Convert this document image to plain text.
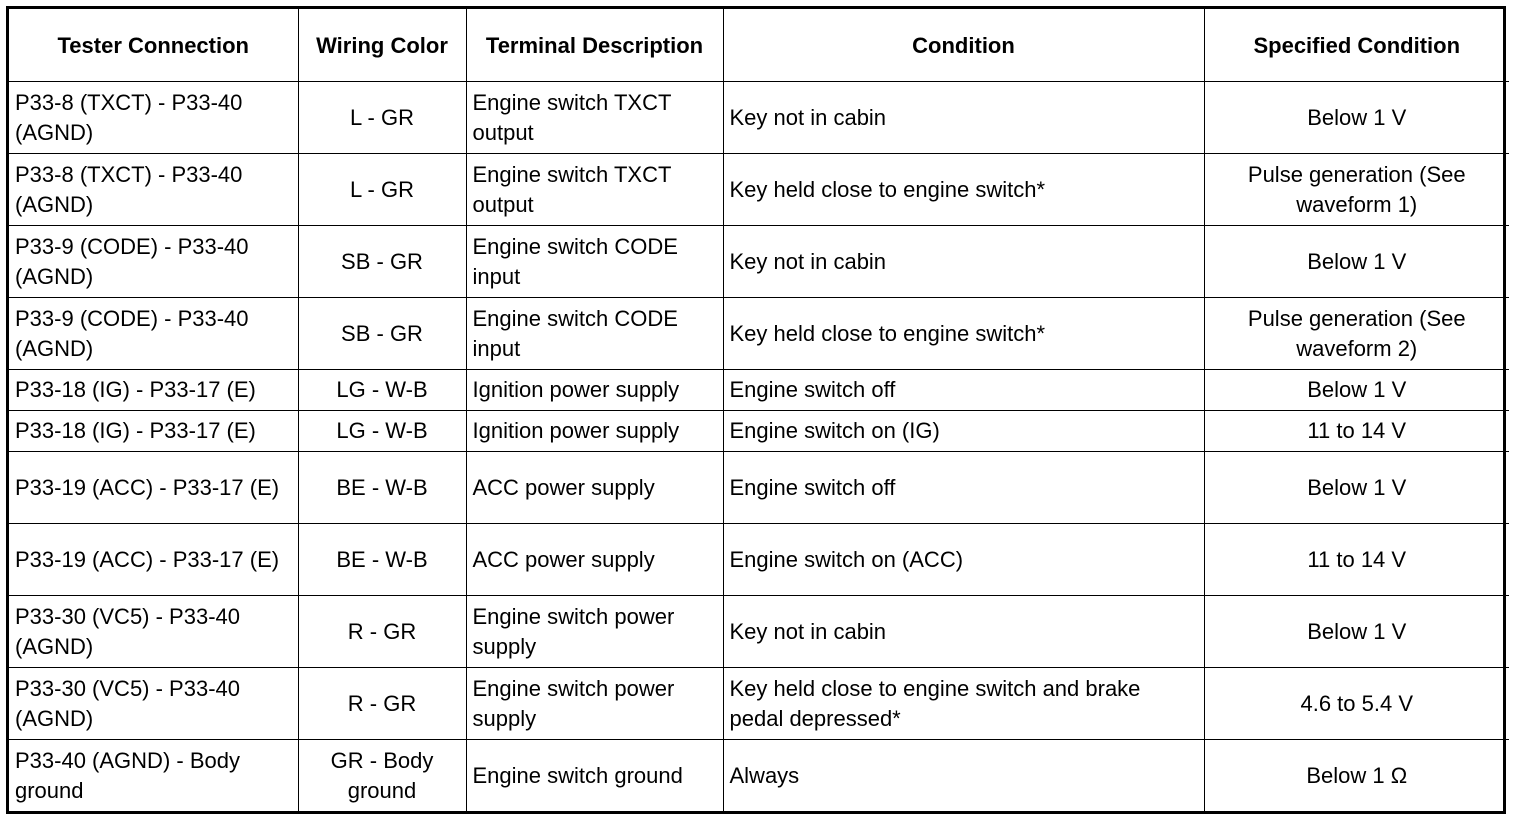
Tester Connection	Wiring Color	Terminal Description	Condition	Specified Condition
P33-8 (TXCT) - P33-40 (AGND)	L - GR	Engine switch TXCT output	Key not in cabin	Below 1 V
P33-8 (TXCT) - P33-40 (AGND)	L - GR	Engine switch TXCT output	Key held close to engine switch*	Pulse generation (See waveform 1)
P33-9 (CODE) - P33-40 (AGND)	SB - GR	Engine switch CODE input	Key not in cabin	Below 1 V
P33-9 (CODE) - P33-40 (AGND)	SB - GR	Engine switch CODE input	Key held close to engine switch*	Pulse generation (See waveform 2)
P33-18 (IG) - P33-17 (E)	LG - W-B	Ignition power supply	Engine switch off	Below 1 V
P33-18 (IG) - P33-17 (E)	LG - W-B	Ignition power supply	Engine switch on (IG)	11 to 14 V
P33-19 (ACC) - P33-17 (E)	BE - W-B	ACC power supply	Engine switch off	Below 1 V
P33-19 (ACC) - P33-17 (E)	BE - W-B	ACC power supply	Engine switch on (ACC)	11 to 14 V
P33-30 (VC5) - P33-40 (AGND)	R - GR	Engine switch power supply	Key not in cabin	Below 1 V
P33-30 (VC5) - P33-40 (AGND)	R - GR	Engine switch power supply	Key held close to engine switch and brake pedal depressed*	4.6 to 5.4 V
P33-40 (AGND) - Body ground	GR - Body ground	Engine switch ground	Always	Below 1 Ω
